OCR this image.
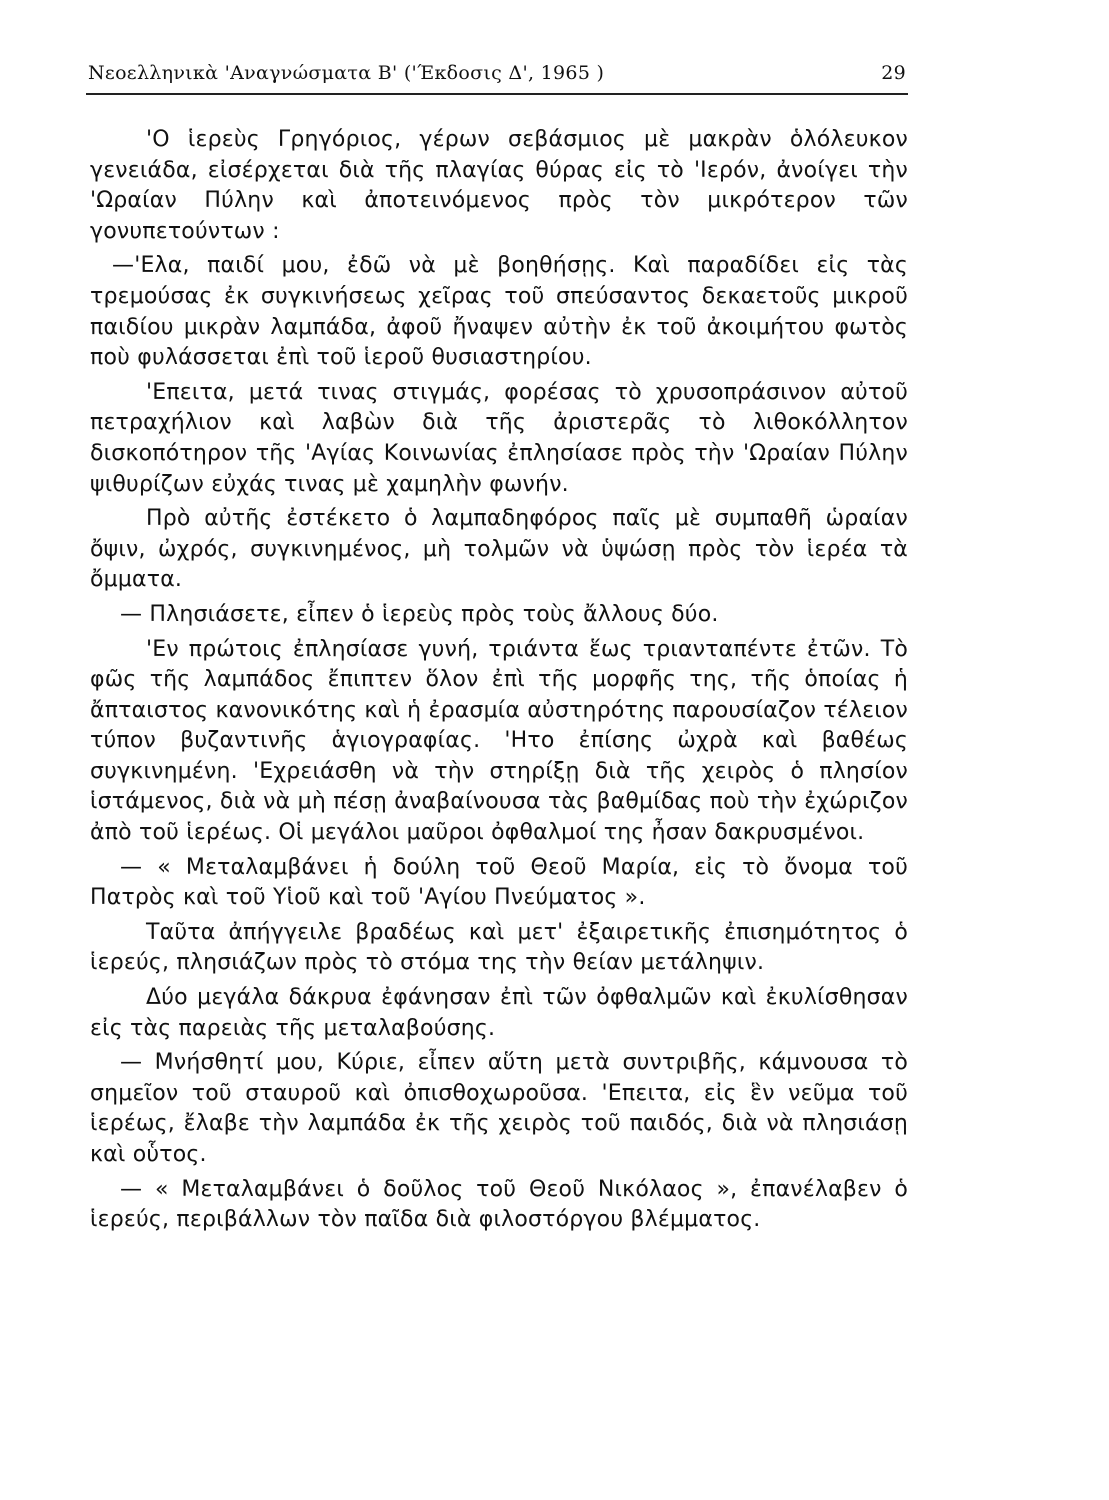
Νεοελληνικὰ 'Αναγνώσματα Β' ('Έκδοσις Δ', 1965 )	29

'Ο ἱερεὺς Γρηγόριος, γέρων σεβάσμιος μὲ μακρὰν ὁλόλευκον γενειάδα, εἰσέρχεται διὰ τῆς πλαγίας θύρας εἰς τὸ 'Ιερόν, ἀνοίγει τὴν 'Ωραίαν Πύλην καὶ ἀποτεινόμενος πρὸς τὸν μικρότερον τῶν γονυπετούντων :

—'Ελα, παιδί μου, ἐδῶ νὰ μὲ βοηθήσῃς. Καὶ παραδίδει εἰς τὰς τρεμούσας ἐκ συγκινήσεως χεῖρας τοῦ σπεύσαντος δεκαετοῦς μικροῦ παιδίου μικρὰν λαμπάδα, ἀφοῦ ἤναψεν αὐτὴν ἐκ τοῦ ἀκοιμήτου φωτὸς ποὺ φυλάσσεται ἐπὶ τοῦ ἱεροῦ θυσιαστηρίου.

'Επειτα, μετά τινας στιγμάς, φορέσας τὸ χρυσοπράσινον αὐτοῦ πετραχήλιον καὶ λαβὼν διὰ τῆς ἀριστερᾶς τὸ λιθοκόλλητον δισκοπότηρον τῆς 'Αγίας Κοινωνίας ἐπλησίασε πρὸς τὴν 'Ωραίαν Πύλην ψιθυρίζων εὐχάς τινας μὲ χαμηλὴν φωνήν.

Πρὸ αὐτῆς ἐστέκετο ὁ λαμπαδηφόρος παῖς μὲ συμπαθῆ ὡραίαν ὄψιν, ὠχρός, συγκινημένος, μὴ τολμῶν νὰ ὑψώσῃ πρὸς τὸν ἱερέα τὰ ὄμματα.

— Πλησιάσετε, εἶπεν ὁ ἱερεὺς πρὸς τοὺς ἄλλους δύο.

'Εν πρώτοις ἐπλησίασε γυνή, τριάντα ἕως τριανταπέντε ἐτῶν. Τὸ φῶς τῆς λαμπάδος ἔπιπτεν ὅλον ἐπὶ τῆς μορφῆς της, τῆς ὁποίας ἡ ἄπταιστος κανονικότης καὶ ἡ ἐρασμία αὐστηρότης παρουσίαζον τέλειον τύπον βυζαντινῆς ἁγιογραφίας. 'Ητο ἐπίσης ὠχρὰ καὶ βαθέως συγκινημένη. 'Εχρειάσθη νὰ τὴν στηρίξῃ διὰ τῆς χειρὸς ὁ πλησίον ἱστάμενος, διὰ νὰ μὴ πέσῃ ἀναβαίνουσα τὰς βαθμίδας ποὺ τὴν ἐχώριζον ἀπὸ τοῦ ἱερέως. Οἱ μεγάλοι μαῦροι ὀφθαλμοί της ἦσαν δακρυσμένοι.

— « Μεταλαμβάνει ἡ δούλη τοῦ Θεοῦ Μαρία, εἰς τὸ ὄνομα τοῦ Πατρὸς καὶ τοῦ Υἱοῦ καὶ τοῦ 'Αγίου Πνεύματος ».

Ταῦτα ἀπήγγειλε βραδέως καὶ μετ' ἐξαιρετικῆς ἐπισημότητος ὁ ἱερεύς, πλησιάζων πρὸς τὸ στόμα της τὴν θείαν μετάληψιν.

Δύο μεγάλα δάκρυα ἐφάνησαν ἐπὶ τῶν ὀφθαλμῶν καὶ ἐκυλίσθησαν εἰς τὰς παρειὰς τῆς μεταλαβούσης.

— Μνήσθητί μου, Κύριε, εἶπεν αὕτη μετὰ συντριβῆς, κάμνουσα τὸ σημεῖον τοῦ σταυροῦ καὶ ὀπισθοχωροῦσα. 'Επειτα, εἰς ἓν νεῦμα τοῦ ἱερέως, ἔλαβε τὴν λαμπάδα ἐκ τῆς χειρὸς τοῦ παιδός, διὰ νὰ πλησιάσῃ καὶ οὗτος.

— « Μεταλαμβάνει ὁ δοῦλος τοῦ Θεοῦ Νικόλαος », ἐπανέλαβεν ὁ ἱερεύς, περιβάλλων τὸν παῖδα διὰ φιλοστόργου βλέμματος.
